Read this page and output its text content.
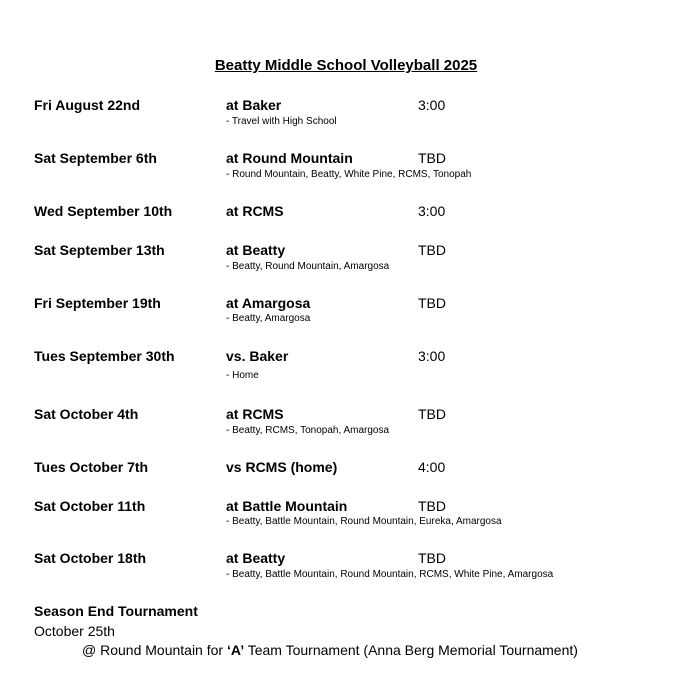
Beatty Middle School Volleyball 2025
Fri August 22nd	at Baker	3:00
- Travel with High School
Sat September 6th	at Round Mountain	TBD
- Round Mountain, Beatty, White Pine, RCMS, Tonopah
Wed September 10th	at RCMS	3:00
Sat September 13th	at Beatty	TBD
- Beatty, Round Mountain, Amargosa
Fri September 19th	at Amargosa	TBD
- Beatty, Amargosa
Tues September 30th	vs. Baker	3:00
- Home
Sat October 4th	at RCMS	TBD
- Beatty, RCMS, Tonopah, Amargosa
Tues October 7th	vs RCMS (home)	4:00
Sat October 11th	at Battle Mountain	TBD
- Beatty, Battle Mountain, Round Mountain, Eureka, Amargosa
Sat October 18th	at Beatty	TBD
- Beatty, Battle Mountain, Round Mountain, RCMS, White Pine, Amargosa
Season End Tournament
October 25th
@ Round Mountain for ‘A’ Team Tournament (Anna Berg Memorial Tournament)
